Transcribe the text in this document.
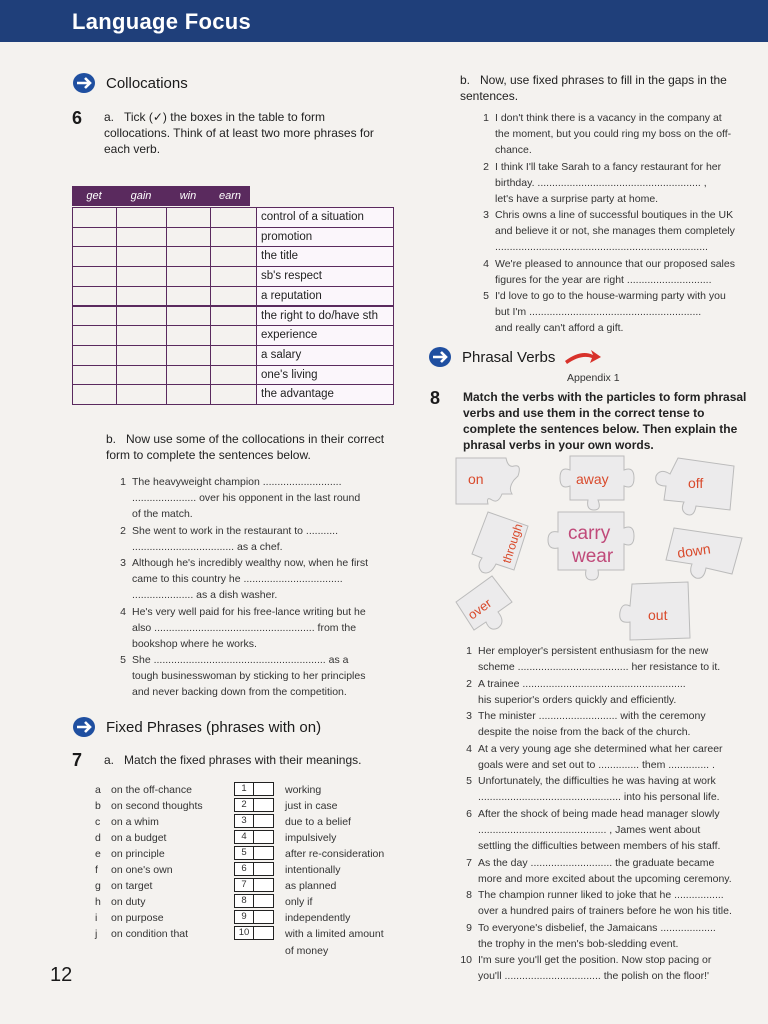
Language Focus
Collocations
6 a. Tick (✓) the boxes in the table to form collocations. Think of at least two more phrases for each verb.
get	gain	win	earn
control of a situation
promotion
the title
sb's respect
a reputation
the right to do/have sth
experience
a salary
one's living
the advantage
b. Now use some of the collocations in their correct form to complete the sentences below.
1 The heavyweight champion ...........................
...................... over his opponent in the last round
of the match.
2 She went to work in the restaurant to ...........
................................... as a chef.
3 Although he's incredibly wealthy now, when he first
came to this country he ..................................
..................... as a dish washer.
4 He's very well paid for his free-lance writing but he
also ....................................................... from the
bookshop where he works.
5 She ........................................................... as a
tough businesswoman by sticking to her principles
and never backing down from the competition.
Fixed Phrases (phrases with on)
7 a. Match the fixed phrases with their meanings.
a on the off-chance	1	working
b on second thoughts	2	just in case
c	on a whim	3	due to a belief
d on a budget	4	impulsively
e on principle	5	after re-consideration
f	on one's own	6	intentionally
g on target	7	as planned
h on duty	8	only if
i	on purpose	9	independently
j	on condition that	10	with a limited amount
of money
12
b. Now, use fixed phrases to fill in the gaps in the sentences.
1 I don't think there is a vacancy in the company at
the moment, but you could ring my boss on the off-
chance.
2 I think I'll take Sarah to a fancy restaurant for her
birthday. ........................................................ ,
let's have a surprise party at home.
3 Chris owns a line of successful boutiques in the UK
and believe it or not, she manages them completely
.........................................................................
4 We're pleased to announce that our proposed sales
figures for the year are right .............................
5 I'd love to go to the house-warming party with you
but I'm ...........................................................
and really can't afford a gift.
Phrasal Verbs
Appendix 1
8 Match the verbs with the particles to form phrasal verbs and use them in the correct tense to complete the sentences below. Then explain the phrasal verbs in your own words.
on	away	off
through carry
wear	down
over	out
1 Her employer's persistent enthusiasm for the new
scheme ...................................... her resistance to it.
2 A trainee ........................................................
his superior's orders quickly and efficiently.
3 The minister ........................... with the ceremony
despite the noise from the back of the church.
4 At a very young age she determined what her career
goals were and set out to .............. them .............. .
5 Unfortunately, the difficulties he was having at work
................................................. into his personal life.
6 After the shock of being made head manager slowly
............................................ , James went about
settling the difficulties between members of his staff.
7 As the day ............................ the graduate became
more and more excited about the upcoming ceremony.
8 The champion runner liked to joke that he .................
over a hundred pairs of trainers before he won his title.
9 To everyone's disbelief, the Jamaicans ...................
the trophy in the men's bob-sledding event.
10 I'm sure you'll get the position. Now stop pacing or
you'll ................................. the polish on the floor!'
